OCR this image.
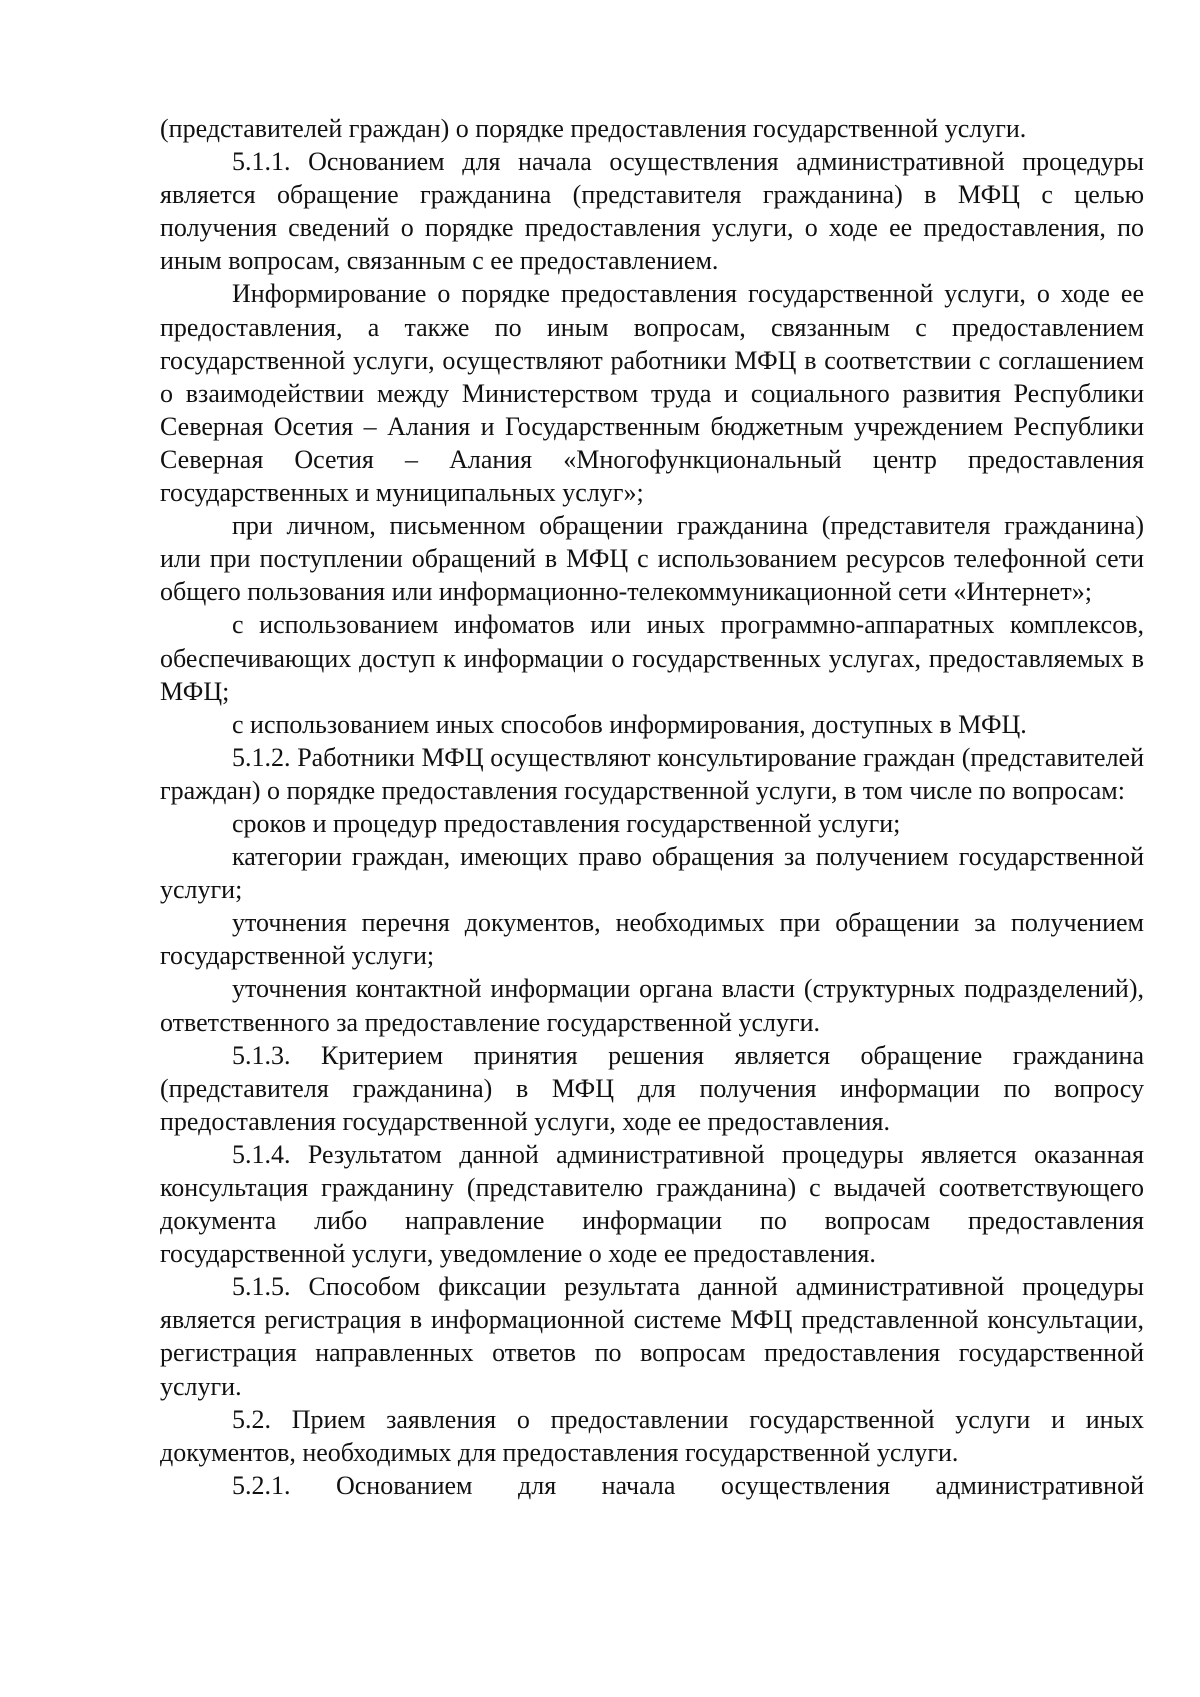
(представителей граждан) о порядке предоставления государственной услуги.

5.1.1. Основанием для начала осуществления административной процедуры является обращение гражданина (представителя гражданина) в МФЦ с целью получения сведений о порядке предоставления услуги, о ходе ее предоставления, по иным вопросам, связанным с ее предоставлением.

Информирование о порядке предоставления государственной услуги, о ходе ее предоставления, а также по иным вопросам, связанным с предоставлением государственной услуги, осуществляют работники МФЦ в соответствии с соглашением о взаимодействии между Министерством труда и социального развития Республики Северная Осетия – Алания и Государственным бюджетным учреждением Республики Северная Осетия – Алания «Многофункциональный центр предоставления государственных и муниципальных услуг»;

при личном, письменном обращении гражданина (представителя гражданина) или при поступлении обращений в МФЦ с использованием ресурсов телефонной сети общего пользования или информационно-телекоммуникационной сети «Интернет»;

с использованием инфоматов или иных программно-аппаратных комплексов, обеспечивающих доступ к информации о государственных услугах, предоставляемых в МФЦ;

с использованием иных способов информирования, доступных в МФЦ.

5.1.2. Работники МФЦ осуществляют консультирование граждан (представителей граждан) о порядке предоставления государственной услуги, в том числе по вопросам:

сроков и процедур предоставления государственной услуги;

категории граждан, имеющих право обращения за получением государственной услуги;

уточнения перечня документов, необходимых при обращении за получением государственной услуги;

уточнения контактной информации органа власти (структурных подразделений), ответственного за предоставление государственной услуги.

5.1.3. Критерием принятия решения является обращение гражданина (представителя гражданина) в МФЦ для получения информации по вопросу предоставления государственной услуги, ходе ее предоставления.

5.1.4. Результатом данной административной процедуры является оказанная консультация гражданину (представителю гражданина) с выдачей соответствующего документа либо направление информации по вопросам предоставления государственной услуги, уведомление о ходе ее предоставления.

5.1.5. Способом фиксации результата данной административной процедуры является регистрация в информационной системе МФЦ представленной консультации, регистрация направленных ответов по вопросам предоставления государственной услуги.

5.2. Прием заявления о предоставлении государственной услуги и иных документов, необходимых для предоставления государственной услуги.

5.2.1. Основанием для начала осуществления административной
